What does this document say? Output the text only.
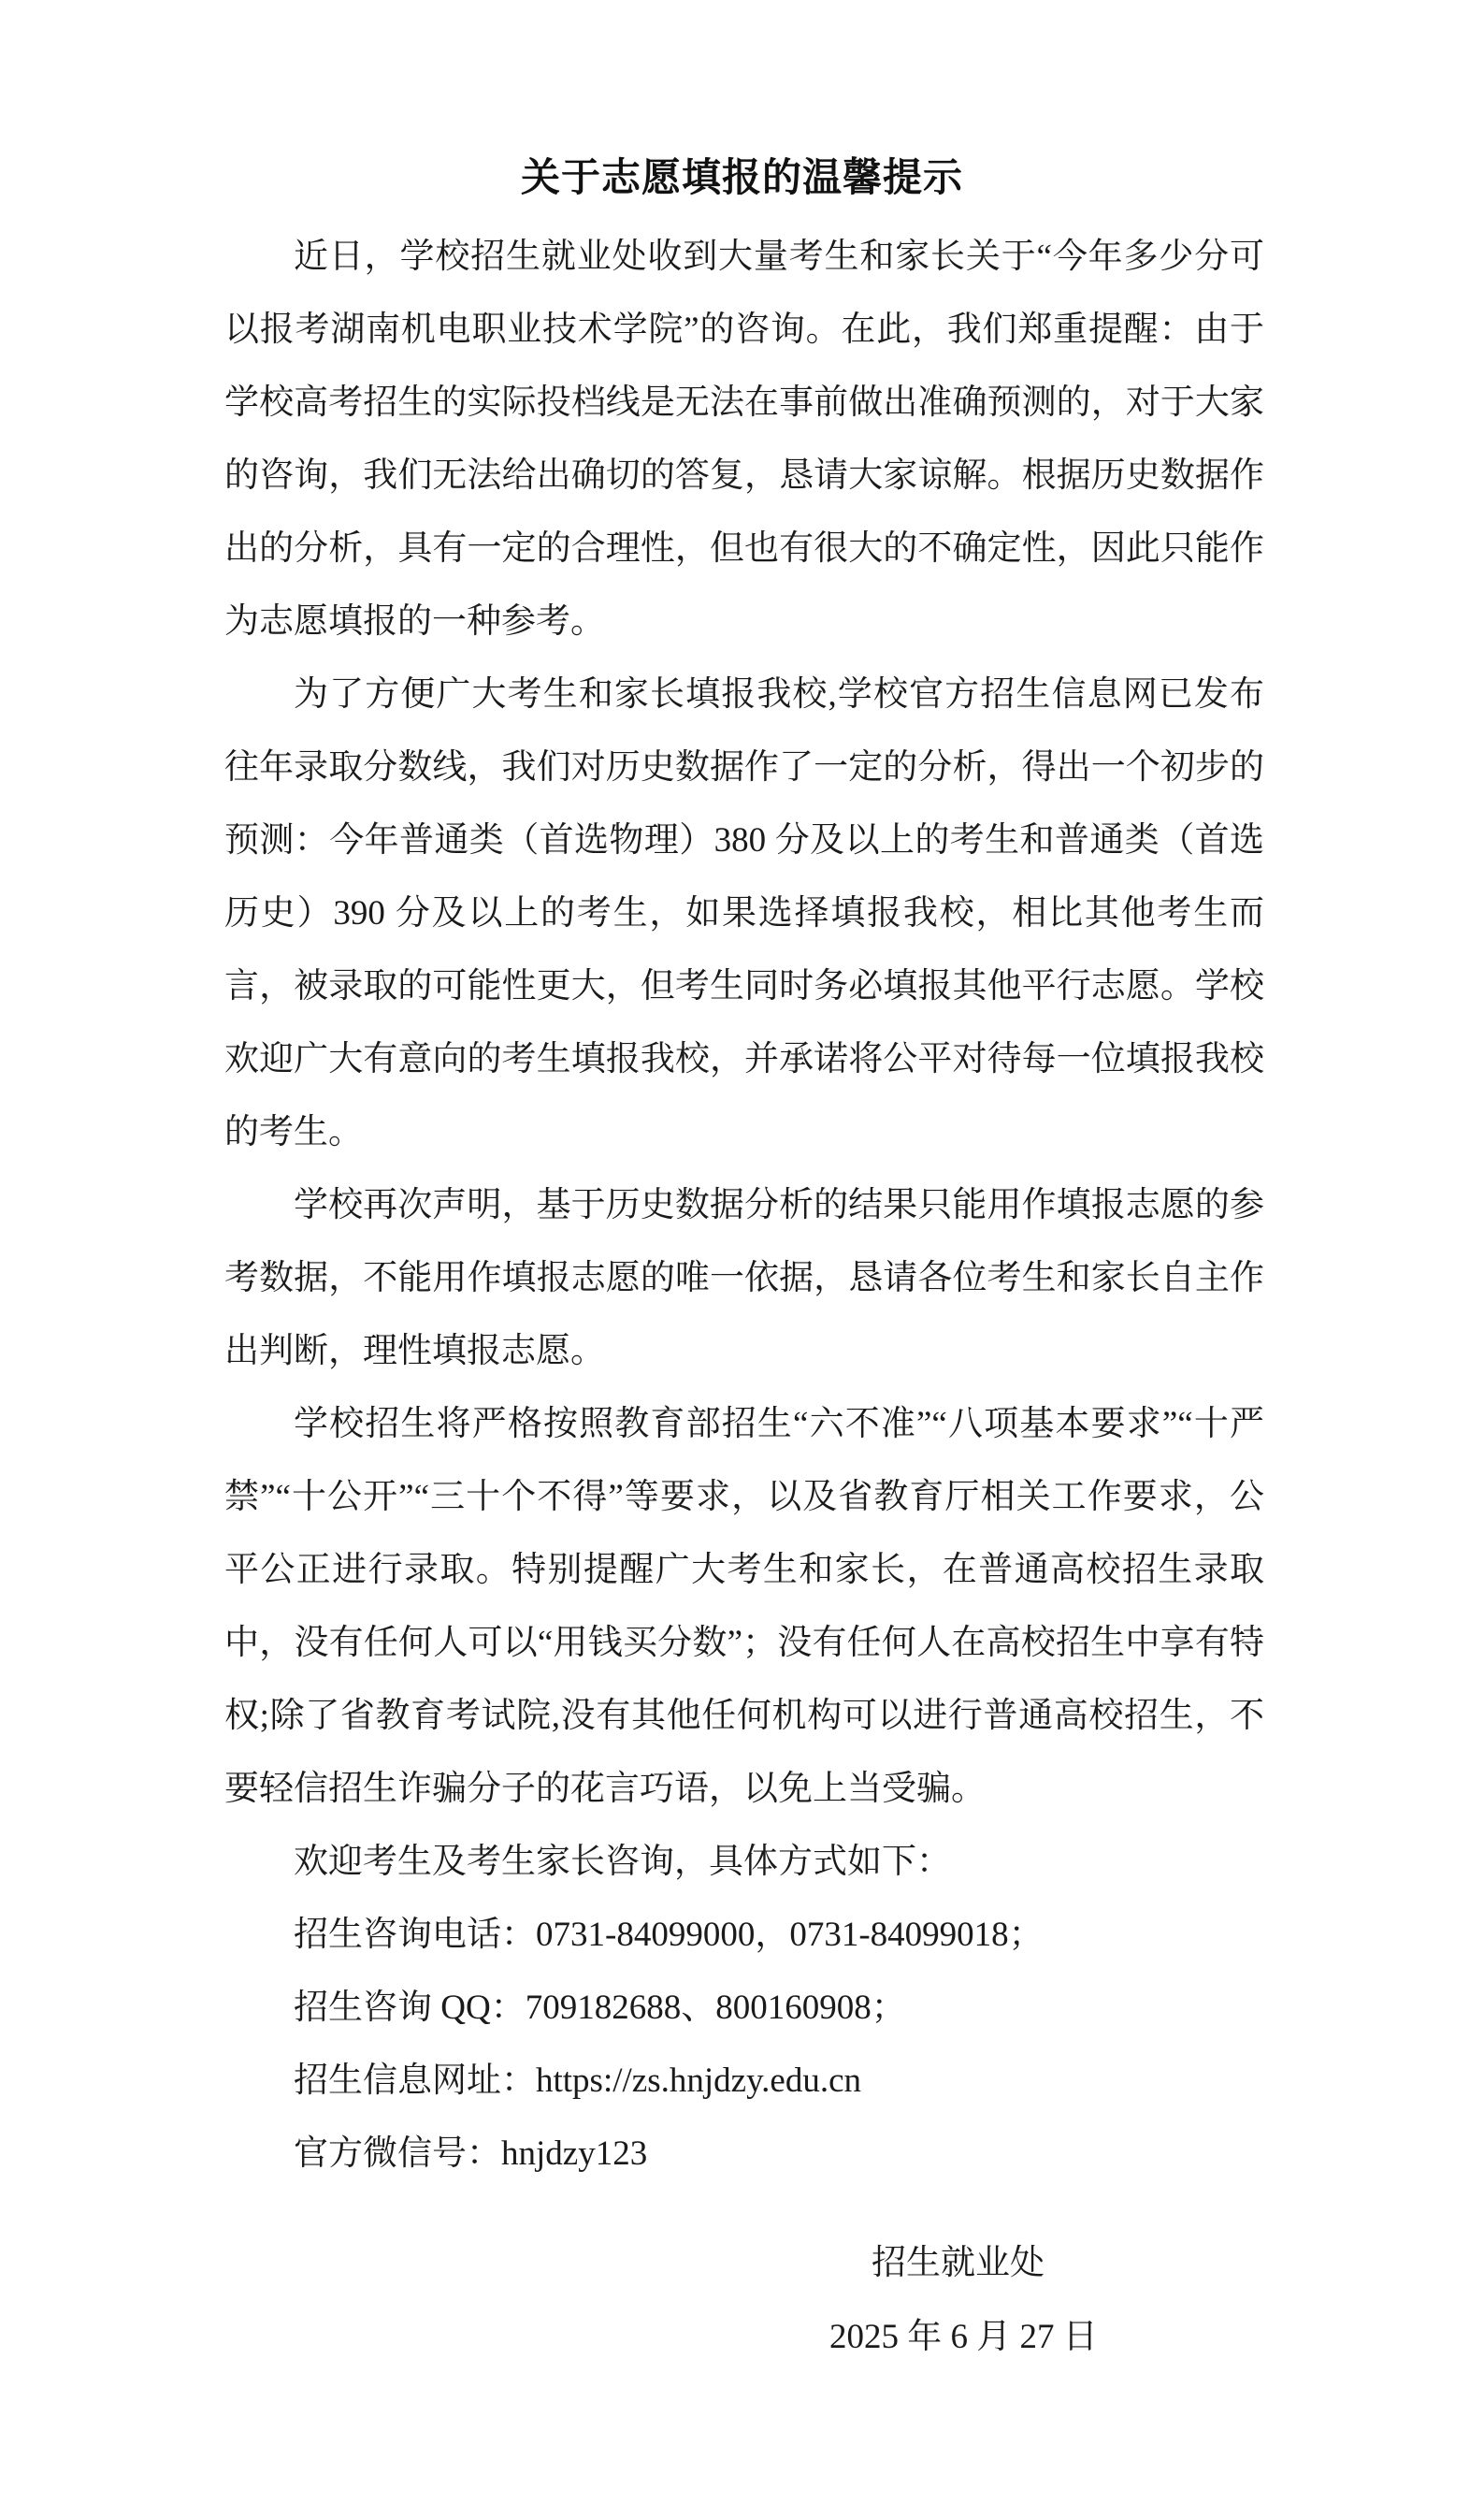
关于志愿填报的温馨提示

近日，学校招生就业处收到大量考生和家长关于“今年多少分可以报考湖南机电职业技术学院”的咨询。在此，我们郑重提醒：由于学校高考招生的实际投档线是无法在事前做出准确预测的，对于大家的咨询，我们无法给出确切的答复，恳请大家谅解。根据历史数据作出的分析，具有一定的合理性，但也有很大的不确定性，因此只能作为志愿填报的一种参考。

为了方便广大考生和家长填报我校,学校官方招生信息网已发布往年录取分数线，我们对历史数据作了一定的分析，得出一个初步的预测：今年普通类（首选物理）380 分及以上的考生和普通类（首选历史）390 分及以上的考生，如果选择填报我校，相比其他考生而言，被录取的可能性更大，但考生同时务必填报其他平行志愿。学校欢迎广大有意向的考生填报我校，并承诺将公平对待每一位填报我校的考生。

学校再次声明，基于历史数据分析的结果只能用作填报志愿的参考数据，不能用作填报志愿的唯一依据，恳请各位考生和家长自主作出判断，理性填报志愿。

学校招生将严格按照教育部招生“六不准”“八项基本要求”“十严禁”“十公开”“三十个不得”等要求，以及省教育厅相关工作要求，公平公正进行录取。特别提醒广大考生和家长，在普通高校招生录取中，没有任何人可以“用钱买分数”；没有任何人在高校招生中享有特权;除了省教育考试院,没有其他任何机构可以进行普通高校招生，不要轻信招生诈骗分子的花言巧语，以免上当受骗。

欢迎考生及考生家长咨询，具体方式如下：

招生咨询电话：0731-84099000，0731-84099018；

招生咨询 QQ：709182688、800160908；

招生信息网址：https://zs.hnjdzy.edu.cn

官方微信号：hnjdzy123

招生就业处
2025 年 6 月 27 日
